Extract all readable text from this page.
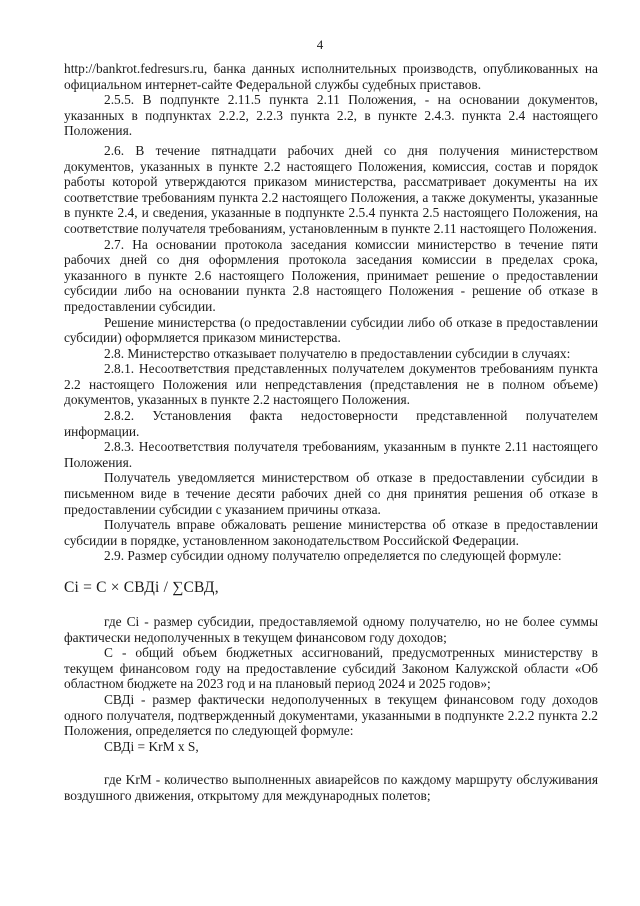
4

http://bankrot.fedresurs.ru, банка данных исполнительных производств, опубликованных на официальном интернет-сайте Федеральной службы судебных приставов.

2.5.5. В подпункте 2.11.5 пункта 2.11 Положения, - на основании документов, указанных в подпунктах 2.2.2, 2.2.3 пункта 2.2, в пункте 2.4.3. пункта 2.4 настоящего Положения.

2.6. В течение пятнадцати рабочих дней со дня получения министерством документов, указанных в пункте 2.2 настоящего Положения, комиссия, состав и порядок работы которой утверждаются приказом министерства, рассматривает документы на их соответствие требованиям пункта 2.2 настоящего Положения, а также документы, указанные в пункте 2.4, и сведения, указанные в подпункте 2.5.4 пункта 2.5 настоящего Положения, на соответствие получателя требованиям, установленным в пункте 2.11 настоящего Положения.

2.7. На основании протокола заседания комиссии министерство в течение пяти рабочих дней со дня оформления протокола заседания комиссии в пределах срока, указанного в пункте 2.6 настоящего Положения, принимает решение о предоставлении субсидии либо на основании пункта 2.8 настоящего Положения - решение об отказе в предоставлении субсидии.

Решение министерства (о предоставлении субсидии либо об отказе в предоставлении субсидии) оформляется приказом министерства.

2.8. Министерство отказывает получателю в предоставлении субсидии в случаях:

2.8.1. Несоответствия представленных получателем документов требованиям пункта 2.2 настоящего Положения или непредставления (представления не в полном объеме) документов, указанных в пункте 2.2 настоящего Положения.

2.8.2. Установления факта недостоверности представленной получателем информации.

2.8.3. Несоответствия получателя требованиям, указанным в пункте 2.11 настоящего Положения.

Получатель уведомляется министерством об отказе в предоставлении субсидии в письменном виде в течение десяти рабочих дней со дня принятия решения об отказе в предоставлении субсидии с указанием причины отказа.

Получатель вправе обжаловать решение министерства об отказе в предоставлении субсидии в порядке, установленном законодательством Российской Федерации.

2.9. Размер субсидии одному получателю определяется по следующей формуле:

Ci = C × СВДi / ∑СВД,

где Ci - размер субсидии, предоставляемой одному получателю, но не более суммы фактически недополученных в текущем финансовом году доходов;

С - общий объем бюджетных ассигнований, предусмотренных министерству в текущем финансовом году на предоставление субсидий Законом Калужской области «Об областном бюджете на 2023 год и на плановый период 2024 и 2025 годов»;

СВДi - размер фактически недополученных в текущем финансовом году доходов одного получателя, подтвержденный документами, указанными в подпункте 2.2.2 пункта 2.2 Положения, определяется по следующей формуле:

СВДi = KrМ x S,

где KrМ - количество выполненных авиарейсов по каждому маршруту обслуживания воздушного движения, открытому для международных полетов;
